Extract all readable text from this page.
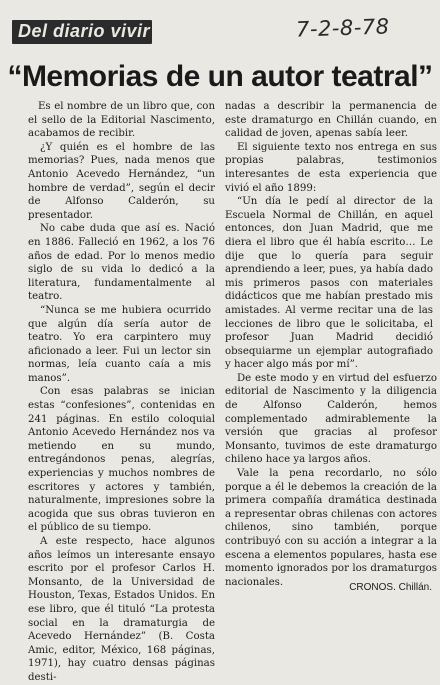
Del diario vivir	7-2-8-78
“Memorias de un autor teatral”

Es el nombre de un libro que, con el sello de la Editorial Nascimento, acabamos de recibir.

¿Y quién es el hombre de las memorias? Pues, nada menos que Antonio Acevedo Hernández, “un hombre de verdad”, según el decir de Alfonso Calderón, su presentador.

No cabe duda que así es. Nació en 1886. Falleció en 1962, a los 76 años de edad. Por lo menos medio siglo de su vida lo dedicó a la literatura, fundamentalmente al teatro.

“Nunca se me hubiera ocurrido que algún día sería autor de teatro. Yo era carpintero muy aficionado a leer. Fui un lector sin normas, leía cuanto caía a mis manos”.

Con esas palabras se inician estas “confesiones”, contenidas en 241 páginas. En estilo coloquial Antonio Acevedo Hernández nos va metiendo en su mundo, entregándonos penas, alegrías, experiencias y muchos nombres de escritores y actores y también, naturalmente, impresiones sobre la acogida que sus obras tuvieron en el público de su tiempo.

A este respecto, hace algunos años leímos un interesante ensayo escrito por el profesor Carlos H. Monsanto, de la Universidad de Houston, Texas, Estados Unidos. En ese libro, que él tituló “La protesta social en la dramaturgia de Acevedo Hernández” (B. Costa Amic, editor, México, 168 páginas, 1971), hay cuatro densas páginas desti-

nadas a describir la permanencia de este dramaturgo en Chillán cuando, en calidad de joven, apenas sabía leer.

El siguiente texto nos entrega en sus propias palabras, testimonios interesantes de esta experiencia que vivió el año 1899:

“Un día le pedí al director de la Escuela Normal de Chillán, en aquel entonces, don Juan Madrid, que me diera el libro que él había escrito… Le dije que lo quería para seguir aprendiendo a leer, pues, ya había dado mis primeros pasos con materiales didácticos que me habían prestado mis amistades. Al verme recitar una de las lecciones de libro que le solicitaba, el profesor Juan Madrid decidió obsequiarme un ejemplar autografiado y hacer algo más por mí”.

De este modo y en virtud del esfuerzo editorial de Nascimento y la diligencia de Alfonso Calderón, hemos complementado admirablemente la versión que gracias al profesor Monsanto, tuvimos de este dramaturgo chileno hace ya largos años.

Vale la pena recordarlo, no sólo porque a él le debemos la creación de la primera compañía dramática destinada a representar obras chilenas con actores chilenos, sino también, porque contribuyó con su acción a integrar a la escena a elementos populares, hasta ese momento ignorados por los dramaturgos nacionales.	CRONOS. Chillán.
